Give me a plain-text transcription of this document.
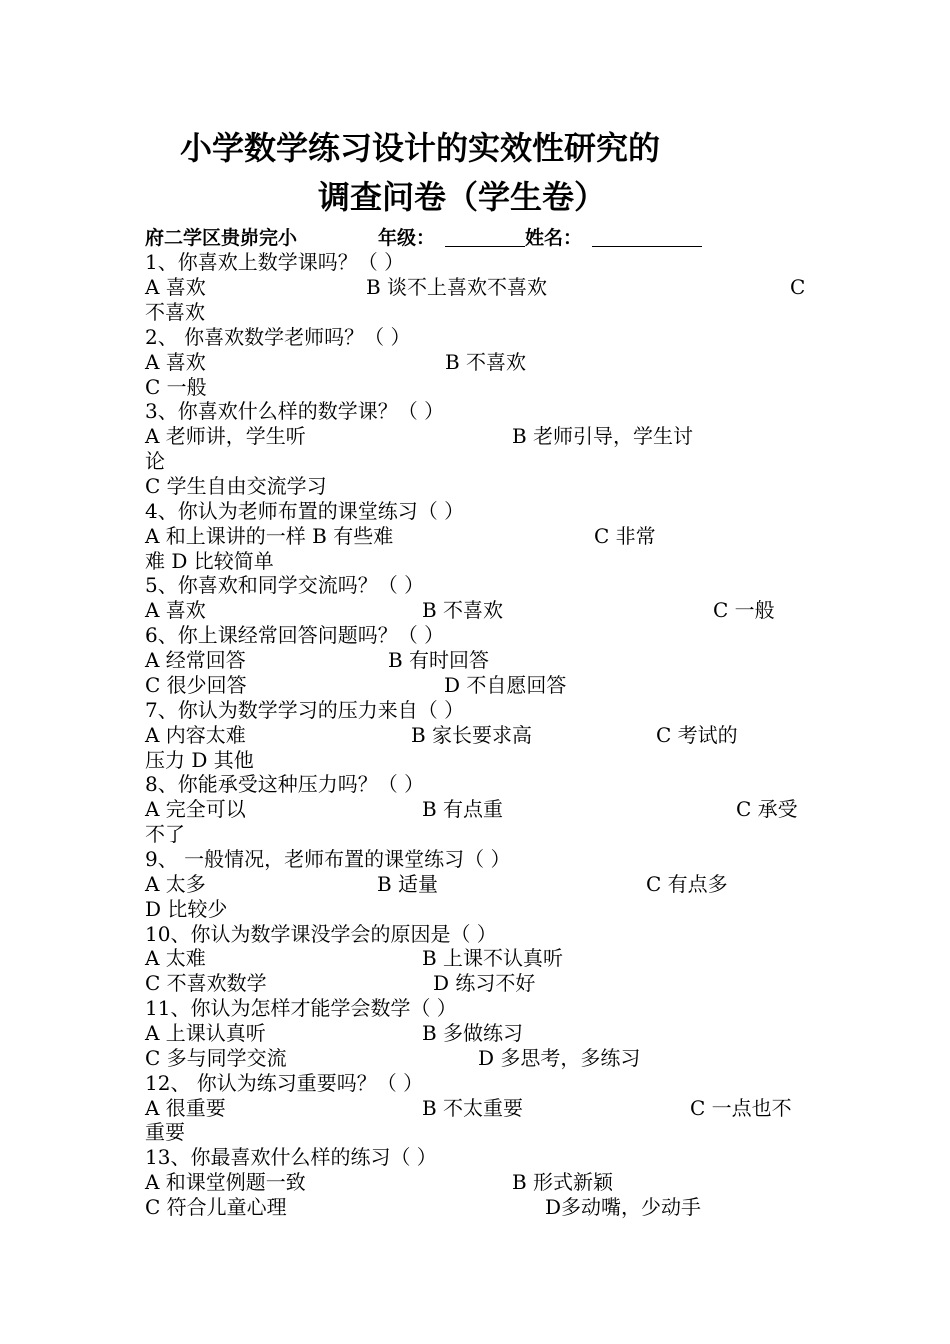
小学数学练习设计的实效性研究的
调查问卷（学生卷）
府二学区贵峁完小	年级：	姓名：
1、你喜欢上数学课吗？（ ）
A 喜欢	B 谈不上喜欢不喜欢	C
不喜欢
2、 你喜欢数学老师吗？（ ）
A 喜欢	B 不喜欢
C 一般
3、你喜欢什么样的数学课？（ ）
A 老师讲，学生听	B 老师引导，学生讨
论
C 学生自由交流学习
4、你认为老师布置的课堂练习（ ）
A 和上课讲的一样 B 有些难	C 非常
难 D 比较简单
5、你喜欢和同学交流吗？（ ）
A 喜欢	B 不喜欢	C 一般
6、你上课经常回答问题吗？（ ）
A 经常回答	B 有时回答
C 很少回答	D 不自愿回答
7、你认为数学学习的压力来自（ ）
A 内容太难	B 家长要求高	C 考试的
压力 D 其他
8、你能承受这种压力吗？（ ）
A 完全可以	B 有点重	C 承受
不了
9、 一般情况，老师布置的课堂练习（ ）
A 太多	B 适量	C 有点多
D 比较少
10、你认为数学课没学会的原因是（ ）
A 太难	B 上课不认真听
C 不喜欢数学	D 练习不好
11、你认为怎样才能学会数学（ ）
A 上课认真听	B 多做练习
C 多与同学交流	D 多思考，多练习
12、 你认为练习重要吗？（ ）
A 很重要	B 不太重要	C 一点也不
重要
13、你最喜欢什么样的练习（ ）
A 和课堂例题一致	B 形式新颖
C 符合儿童心理	D多动嘴，少动手
